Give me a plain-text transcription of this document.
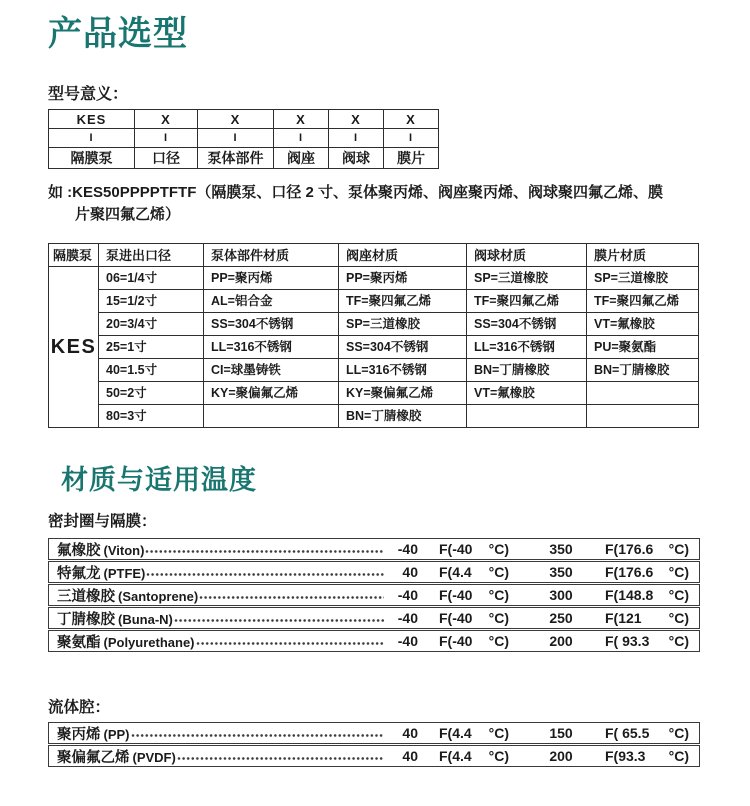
产品选型
型号意义：
KES	X	X	X	X	X
I	I	I	I	I	I
隔膜泵	口径	泵体部件	阀座	阀球	膜片
如 :KES50PPPPTFTF（隔膜泵、口径 2 寸、泵体聚丙烯、阀座聚丙烯、阀球聚四氟乙烯、膜
片聚四氟乙烯）
隔膜泵	泵进出口径	泵体部件材质	阀座材质	阀球材质	膜片材质
KES	06=1/4寸	PP=聚丙烯	PP=聚丙烯	SP=三道橡胶	SP=三道橡胶
	15=1/2寸	AL=铝合金	TF=聚四氟乙烯	TF=聚四氟乙烯	TF=聚四氟乙烯
	20=3/4寸	SS=304不锈钢	SP=三道橡胶	SS=304不锈钢	VT=氟橡胶
	25=1寸	LL=316不锈钢	SS=304不锈钢	LL=316不锈钢	PU=聚氨酯
	40=1.5寸	CI=球墨铸铁	LL=316不锈钢	BN=丁腈橡胶	BN=丁腈橡胶
	50=2寸	KY=聚偏氟乙烯	KY=聚偏氟乙烯	VT=氟橡胶	
	80=3寸		BN=丁腈橡胶		
材质与适用温度
密封圈与隔膜：
氟橡胶 (Viton)	-40 F(-40 °C)	350	F(176.6 °C)
特氟龙 (PTFE)	40 F(4.4 °C)	350	F(176.6 °C)
三道橡胶 (Santoprene)	-40 F(-40 °C)	300	F(148.8 °C)
丁腈橡胶 (Buna-N)	-40 F(-40 °C)	250	F(121 °C)
聚氨酯 (Polyurethane)	-40 F(-40 °C)	200	F( 93.3 °C)
流体腔：
聚丙烯 (PP)	40 F(4.4 °C)	150	F( 65.5 °C)
聚偏氟乙烯 (PVDF)	40 F(4.4 °C)	200	F(93.3 °C)
